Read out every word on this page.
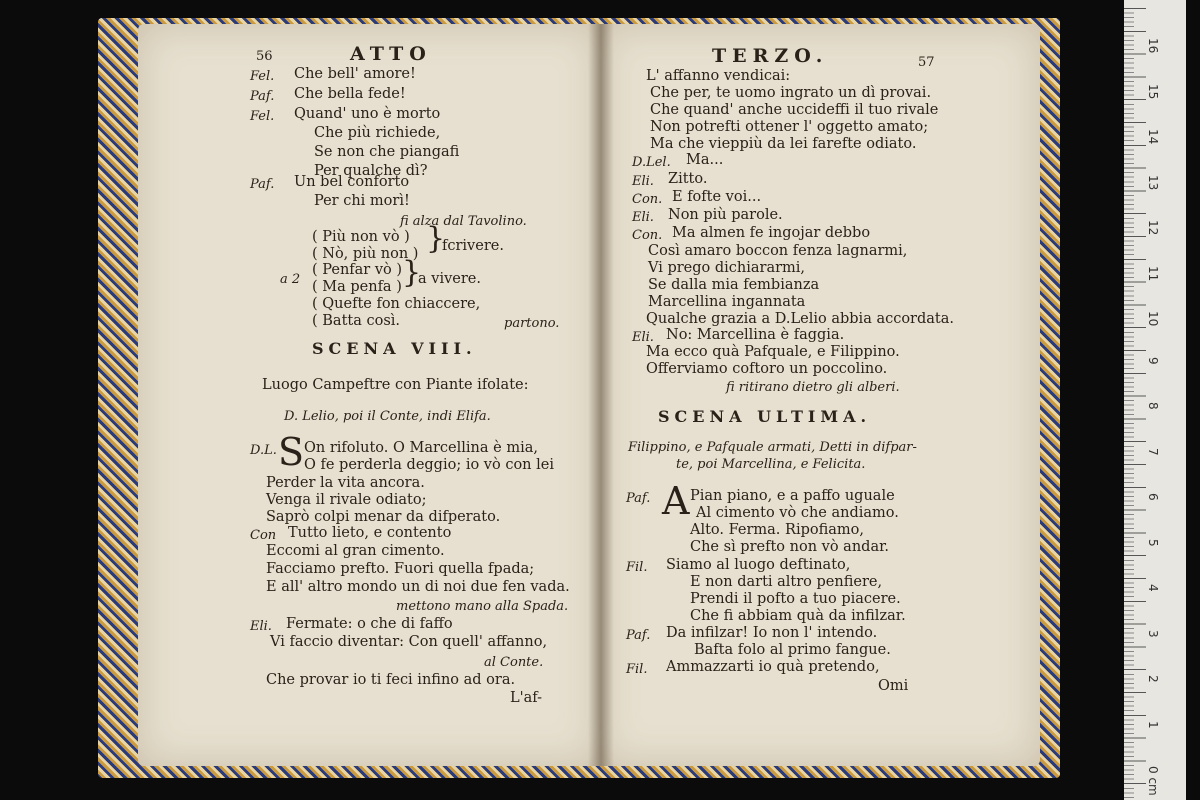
56	ATTO
Fel. Che bell' amore!
Paf. Che bella fede!
Fel. Quand' uno è morto
Che più richiede,
Se non che piangafi
Per qualche dì?
Paf. Un bel conforto
Per chi morì!
fi alza dal Tavolino.
( Più non vò )
( Nò, più non ) }
fcrivere.
a 2
( Penfar vò )
( Ma penfa ) }
a vivere.
( Quefte fon chiaccere,
( Batta così.	partono.
SCENA VIII.
Luogo Campeftre con Piante ifolate:
D. Lelio, poi il Conte, indi Elifa.
D.L. S On rifoluto. O Marcellina è mia,
O fe perderla deggio; io vò con lei
Perder la vita ancora.
Venga il rivale odiato;
Saprò colpi menar da difperato.
Con Tutto lieto, e contento
Eccomi al gran cimento.
Facciamo prefto. Fuori quella fpada;
E all' altro mondo un di noi due fen vada.
mettono mano alla Spada.
Eli. Fermate: o che di faffo
Vi faccio diventar: Con quell' affanno,
al Conte.
Che provar io ti feci infino ad ora.
L'af-
TERZO.	57
L' affanno vendicai:
Che per, te uomo ingrato un dì provai.
Che quand' anche uccideffi il tuo rivale
Non potrefti ottener l' oggetto amato;
Ma che vieppiù da lei farefte odiato.
D.Lel. Ma...
Eli. Zitto.
Con. E fofte voi...
Eli. Non più parole.
Con. Ma almen fe ingojar debbo
Così amaro boccon fenza lagnarmi,
Vi prego dichiararmi,
Se dalla mia fembianza
Marcellina ingannata
Qualche grazia a D.Lelio abbia accordata.
Eli. No: Marcellina è faggia.
Ma ecco quà Pafquale, e Filippino.
Offerviamo coftoro un poccolino.
fi ritirano dietro gli alberi.
SCENA ULTIMA.
Filippino, e Pafquale armati, Detti in difpar-
te, poi Marcellina, e Felicita.
Paf. A Pian piano, e a paffo uguale
Al cimento vò che andiamo.
Alto. Ferma. Ripofiamo,
Che sì prefto non vò andar.
Fil. Siamo al luogo deftinato,
E non darti altro penfiere,
Prendi il pofto a tuo piacere.
Che fi abbiam quà da infilzar.
Paf. Da infilzar! Io non l' intendo.
Bafta folo al primo fangue.
Fil. Ammazzarti io quà pretendo,
Omi
0 cm
1
2
3
4
5
6
7
8
9
10
11
12
13
14
15
16
